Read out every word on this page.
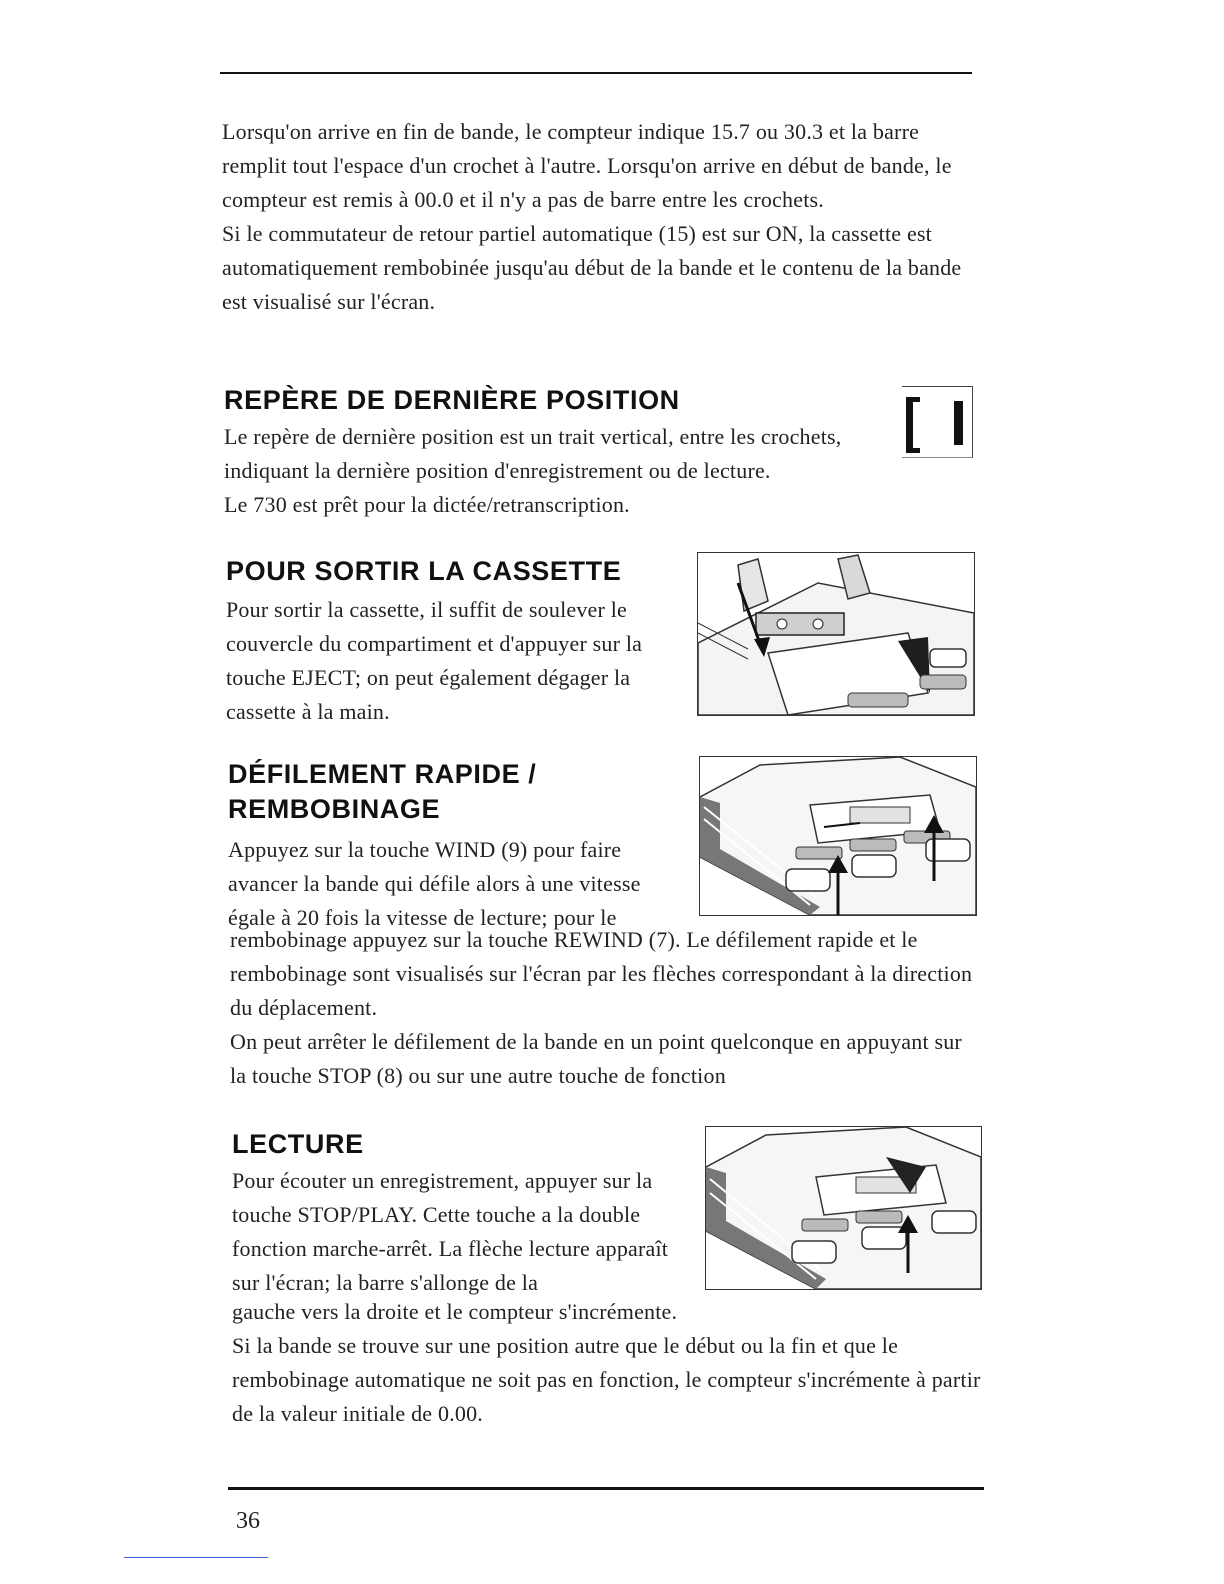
Lorsqu'on arrive en fin de bande, le compteur indique 15.7 ou 30.3 et la barre remplit tout l'espace d'un crochet à l'autre. Lorsqu'on arrive en début de bande, le compteur est remis à 00.0 et il n'y a pas de barre entre les crochets.

Si le commutateur de retour partiel automatique (15) est sur ON, la cassette est automatiquement rembobinée jusqu'au début de la bande et le contenu de la bande est visualisé sur l'écran.

REPÈRE DE DERNIÈRE POSITION

Le repère de dernière position est un trait vertical, entre les crochets, indiquant la dernière position d'enregistrement ou de lecture.

Le 730 est prêt pour la dictée/retranscription.

POUR SORTIR LA CASSETTE

Pour sortir la cassette, il suffit de soulever le couvercle du compartiment et d'appuyer sur la touche EJECT; on peut également dégager la cassette à la main.

DÉFILEMENT RAPIDE /
REMBOBINAGE

Appuyez sur la touche WIND (9) pour faire avancer la bande qui défile alors à une vitesse égale à 20 fois la vitesse de lecture; pour le

rembobinage appuyez sur la touche REWIND (7). Le défilement rapide et le rembobinage sont visualisés sur l'écran par les flèches correspondant à la direction du déplacement.

On peut arrêter le défilement de la bande en un point quelconque en appuyant sur la touche STOP (8) ou sur une autre touche de fonction

LECTURE

Pour écouter un enregistrement, appuyer sur la touche STOP/PLAY. Cette touche a la double fonction marche-arrêt. La flèche lecture apparaît sur l'écran; la barre s'allonge de la

gauche vers la droite et le compteur s'incrémente.

Si la bande se trouve sur une position autre que le début ou la fin et que le rembobinage automatique ne soit pas en fonction, le compteur s'incrémente à partir de la valeur initiale de 0.00.

36
